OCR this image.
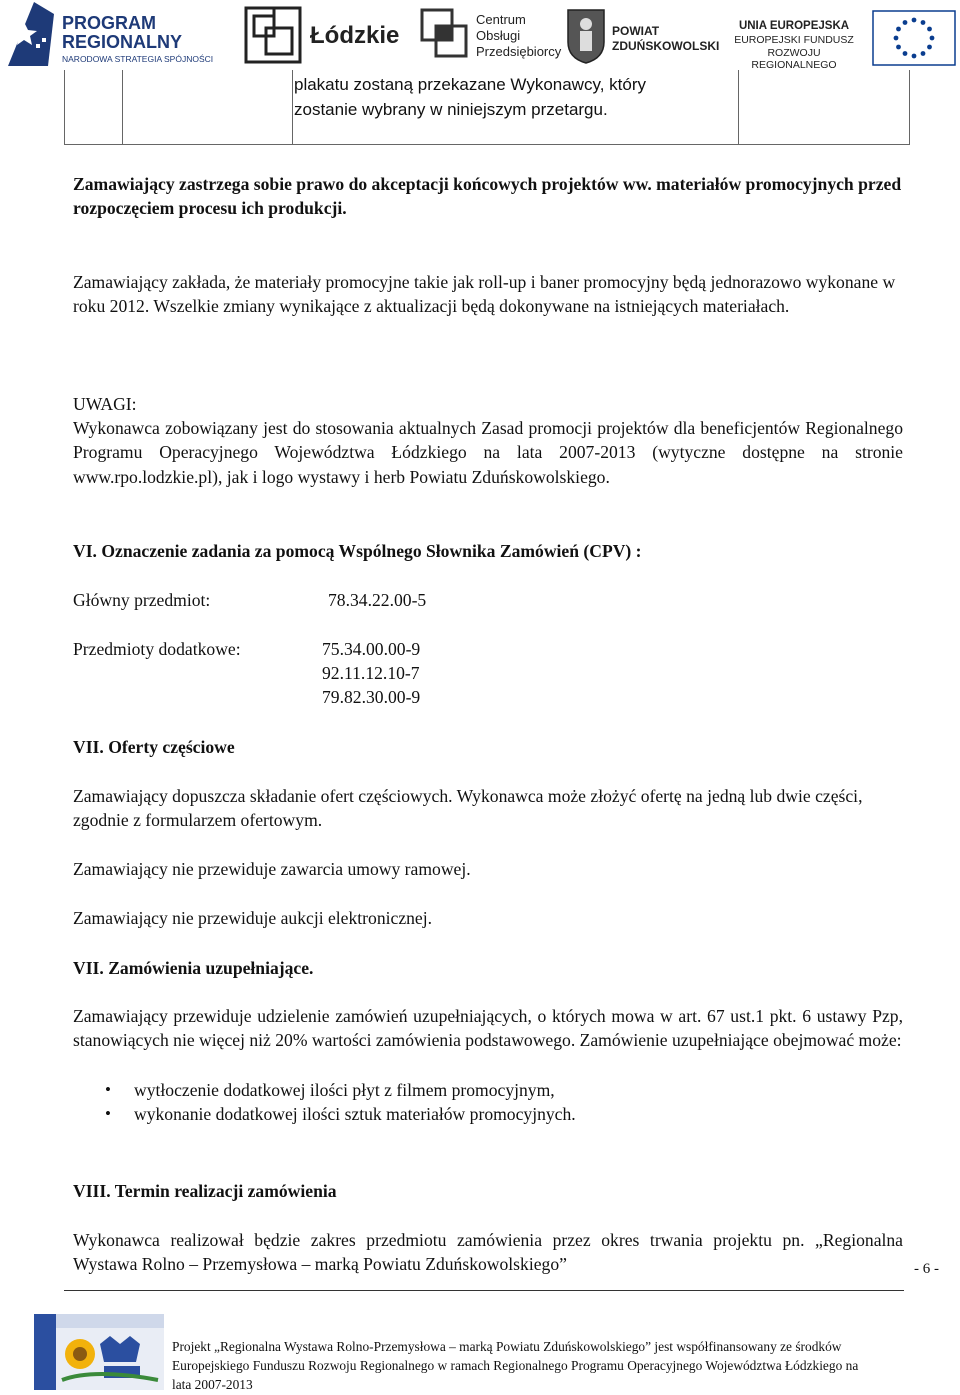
PROGRAM
REGIONALNY
NARODOWA STRATEGIA SPÓJNOŚCI
Łódzkie
Centrum
Obsługi
Przedsiębiorcy
POWIAT
ZDUŃSKOWOLSKI
UNIA EUROPEJSKA
EUROPEJSKI FUNDUSZ
ROZWOJU REGIONALNEGO
plakatu zostaną przekazane Wykonawcy, który
zostanie wybrany w niniejszym przetargu.
Zamawiający zastrzega sobie prawo do akceptacji końcowych projektów ww. materiałów promocyjnych przed rozpoczęciem procesu ich produkcji.
Zamawiający zakłada, że materiały promocyjne takie jak roll-up i baner promocyjny będą jednorazowo wykonane w roku 2012. Wszelkie zmiany wynikające z aktualizacji będą dokonywane na istniejących materiałach.
UWAGI:
Wykonawca zobowiązany jest do stosowania aktualnych Zasad promocji projektów dla beneficjentów Regionalnego Programu Operacyjnego Województwa Łódzkiego na lata 2007-2013 (wytyczne dostępne na stronie www.rpo.lodzkie.pl), jak i logo wystawy i herb Powiatu Zduńskowolskiego.
VI. Oznaczenie zadania za pomocą Wspólnego Słownika Zamówień (CPV) :
Główny przedmiot:	78.34.22.00-5
Przedmioty dodatkowe:	75.34.00.00-9
92.11.12.10-7
79.82.30.00-9
VII. Oferty częściowe
Zamawiający dopuszcza składanie ofert częściowych. Wykonawca może złożyć ofertę na jedną lub dwie części, zgodnie z formularzem ofertowym.
Zamawiający nie przewiduje zawarcia umowy ramowej.
Zamawiający nie przewiduje aukcji elektronicznej.
VII. Zamówienia uzupełniające.
Zamawiający przewiduje udzielenie zamówień uzupełniających, o których mowa w art. 67 ust.1 pkt. 6 ustawy Pzp, stanowiących nie więcej niż 20% wartości zamówienia podstawowego. Zamówienie uzupełniające obejmować może:
• wytłoczenie dodatkowej ilości płyt z filmem promocyjnym,
• wykonanie dodatkowej ilości sztuk materiałów promocyjnych.
VIII. Termin realizacji zamówienia
Wykonawca realizował będzie zakres przedmiotu zamówienia przez okres trwania projektu pn. „Regionalna Wystawa Rolno – Przemysłowa – marką Powiatu Zduńskowolskiego”	- 6 -
Projekt „Regionalna Wystawa Rolno-Przemysłowa – marką Powiatu Zduńskowolskiego” jest współfinansowany ze środków
Europejskiego Funduszu Rozwoju Regionalnego w ramach Regionalnego Programu Operacyjnego Województwa Łódzkiego na
lata 2007-2013
